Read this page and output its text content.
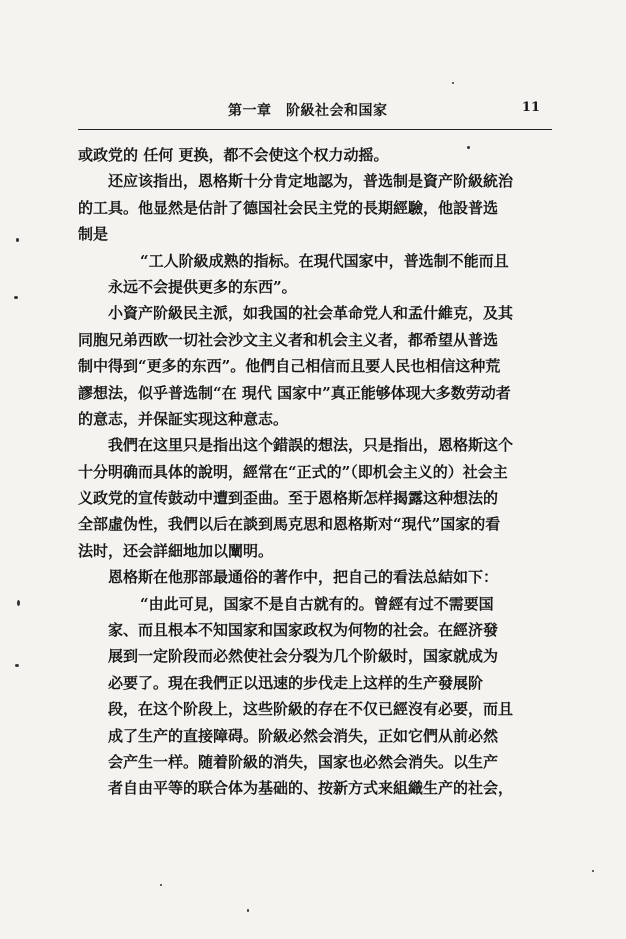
第一章　阶級社会和国家	11
或政党的 任何 更换，都不会使这个权力动摇。
还应该指出，恩格斯十分肯定地認为，普选制是資产阶級統治
的工具。他显然是估計了德国社会民主党的長期經驗，他設普选
制是
“工人阶級成熟的指标。在現代国家中，普选制不能而且
永远不会提供更多的东西”。
小資产阶級民主派，如我国的社会革命党人和孟什維克，及其
同胞兄弟西欧一切社会沙文主义者和机会主义者，都希望从普选
制中得到“更多的东西”。他們自己相信而且要人民也相信这种荒
謬想法，似乎普选制“在 現代 国家中”真正能够体现大多数劳动者
的意志，并保証实现这种意志。
我們在这里只是指出这个錯誤的想法，只是指出，恩格斯这个
十分明确而具体的說明，經常在“正式的”（即机会主义的）社会主
义政党的宣传鼓动中遭到歪曲。至于恩格斯怎样揭露这种想法的
全部虛伪性，我們以后在談到馬克思和恩格斯对“現代”国家的看
法时，还会詳細地加以闡明。
恩格斯在他那部最通俗的著作中，把自己的看法总結如下：
“由此可見，国家不是自古就有的。曾經有过不需要国
家、而且根本不知国家和国家政权为何物的社会。在經济發
展到一定阶段而必然使社会分裂为几个阶級时，国家就成为
必要了。現在我們正以迅速的步伐走上这样的生产發展阶
段，在这个阶段上，这些阶級的存在不仅已經沒有必要，而且
成了生产的直接障碍。阶級必然会消失，正如它們从前必然
会产生一样。随着阶級的消失，国家也必然会消失。以生产
者自由平等的联合体为基础的、按新方式来組織生产的社会，
